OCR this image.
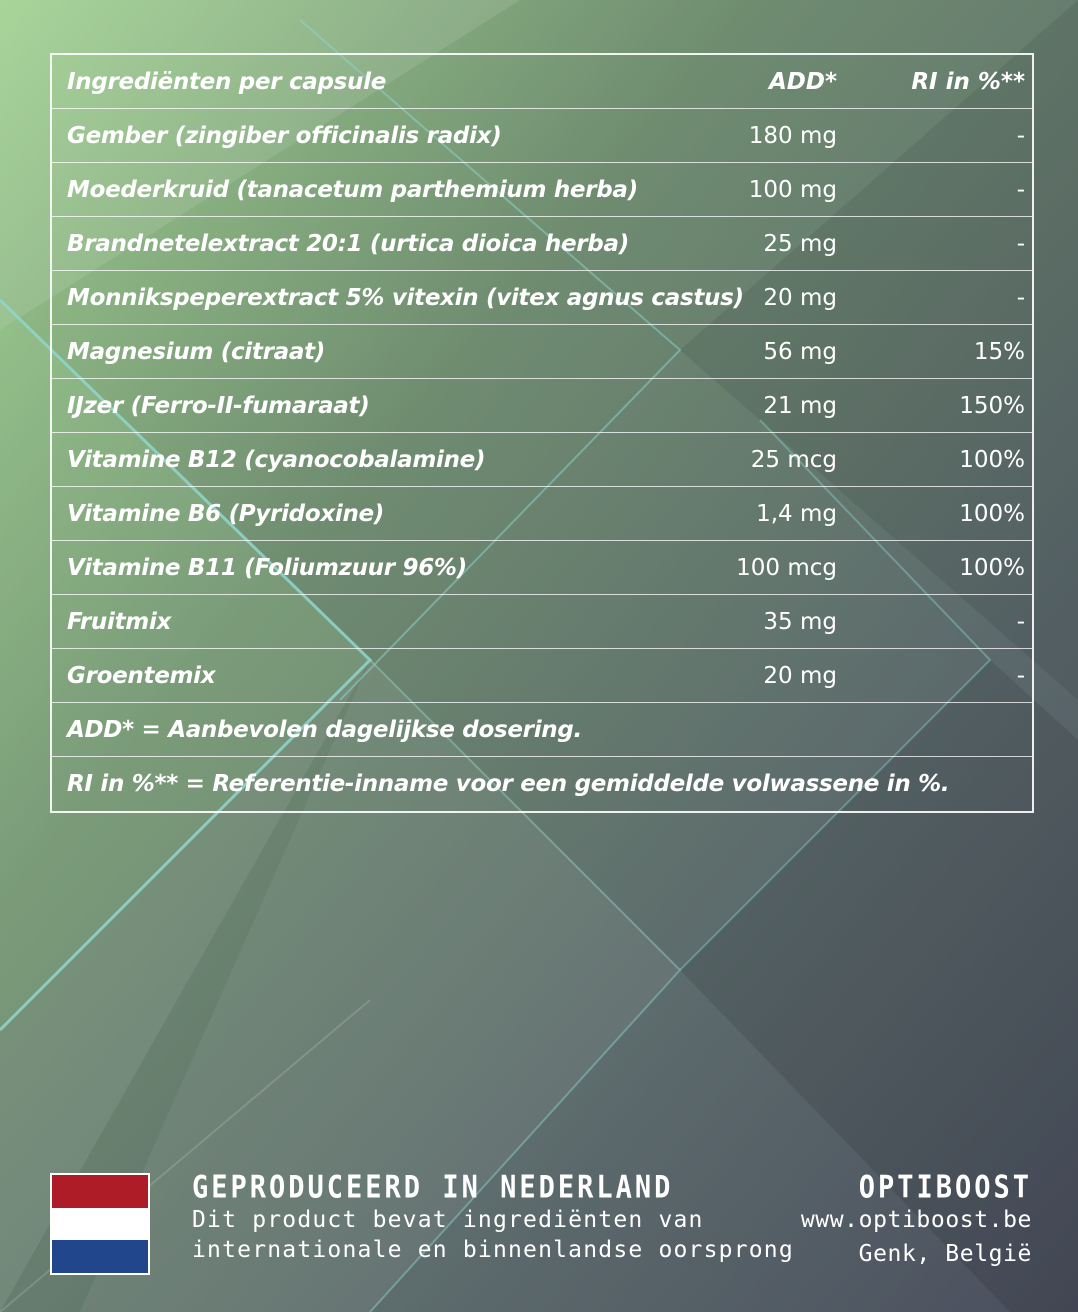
Ingrediënten per capsule	ADD*	RI in %**
Gember (zingiber officinalis radix)	180 mg	-
Moederkruid (tanacetum parthemium herba)	100 mg	-
Brandnetelextract 20:1 (urtica dioica herba)	25 mg	-
Monnikspeperextract 5% vitexin (vitex agnus castus) 20 mg	-
Magnesium (citraat)	56 mg	15%
IJzer (Ferro-II-fumaraat)	21 mg	150%
Vitamine B12 (cyanocobalamine)	25 mcg	100%
Vitamine B6 (Pyridoxine)	1,4 mg	100%
Vitamine B11 (Foliumzuur 96%)	100 mcg	100%
Fruitmix	35 mg	-
Groentemix	20 mg	-
ADD* = Aanbevolen dagelijkse dosering.
RI in %** = Referentie-inname voor een gemiddelde volwassene in %.
GEPRODUCEERD IN NEDERLAND
Dit product bevat ingrediënten van
internationale en binnenlandse oorsprong
OPTIBOOST
www.optiboost.be
Genk, België
